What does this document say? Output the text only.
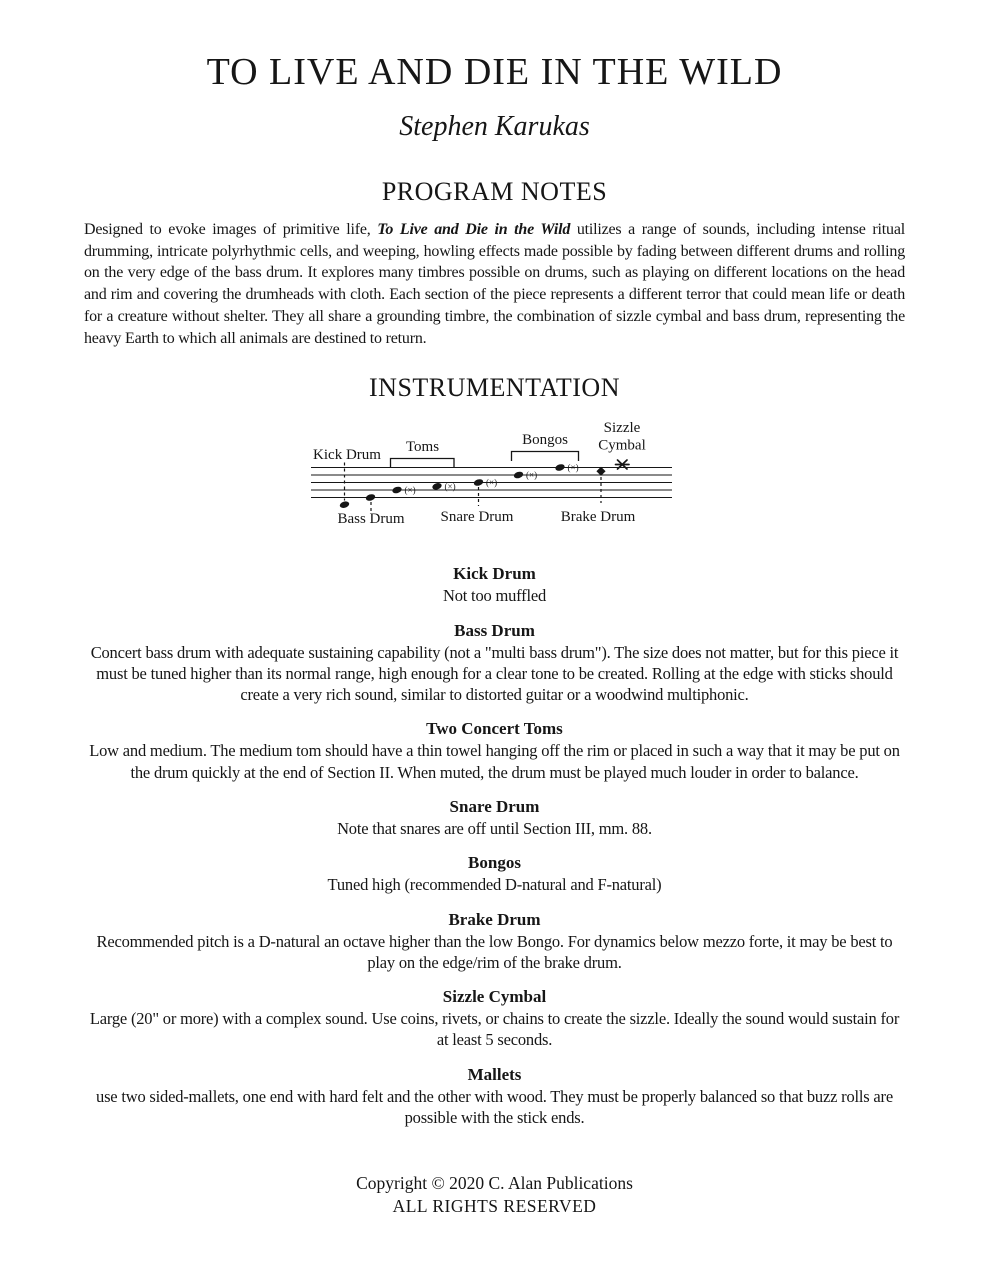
TO LIVE AND DIE IN THE WILD
Stephen Karukas
PROGRAM NOTES

Designed to evoke images of primitive life, To Live and Die in the Wild utilizes a range of sounds, including intense ritual drumming, intricate polyrhythmic cells, and weeping, howling effects made possible by fading between different drums and rolling on the very edge of the bass drum. It explores many timbres possible on drums, such as playing on different locations on the head and rim and covering the drumheads with cloth. Each section of the piece represents a different terror that could mean life or death for a creature without shelter. They all share a grounding timbre, the combination of sizzle cymbal and bass drum, representing the heavy Earth to which all animals are destined to return.

INSTRUMENTATION
Kick Drum Toms	Bongos
Sizzle
Cymbal
(×)	(×)	(×)
(×)
(×)
Bass Drum Snare Drum	Brake Drum
Kick Drum
Not too muffled
Bass Drum
Concert bass drum with adequate sustaining capability (not a "multi bass drum"). The size does not matter, but for this piece it must be tuned higher than its normal range, high enough for a clear tone to be created. Rolling at the edge with sticks should create a very rich sound, similar to distorted guitar or a woodwind multiphonic.
Two Concert Toms
Low and medium. The medium tom should have a thin towel hanging off the rim or placed in such a way that it may be put on the drum quickly at the end of Section II. When muted, the drum must be played much louder in order to balance.
Snare Drum
Note that snares are off until Section III, mm. 88.
Bongos
Tuned high (recommended D-natural and F-natural)
Brake Drum
Recommended pitch is a D-natural an octave higher than the low Bongo. For dynamics below mezzo forte, it may be best to play on the edge/rim of the brake drum.
Sizzle Cymbal
Large (20" or more) with a complex sound. Use coins, rivets, or chains to create the sizzle. Ideally the sound would sustain for at least 5 seconds.
Mallets
use two sided-mallets, one end with hard felt and the other with wood. They must be properly balanced so that buzz rolls are possible with the stick ends.
Copyright © 2020 C. Alan Publications
ALL RIGHTS RESERVED
